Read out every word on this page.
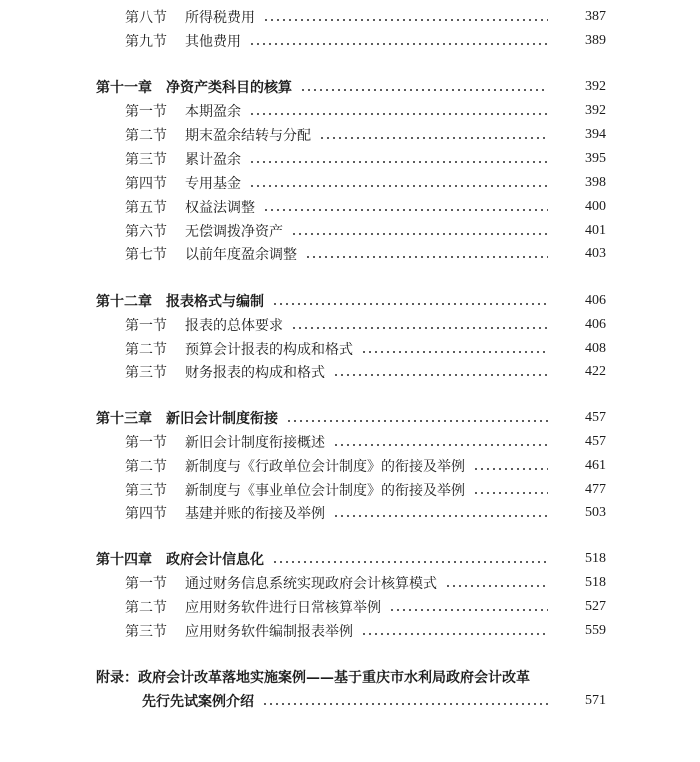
第八节	所得税费用	387
第九节	其他费用	389
第十一章 净资产类科目的核算	392
第一节	本期盈余	392
第二节	期末盈余结转与分配	394
第三节	累计盈余	395
第四节	专用基金	398
第五节	权益法调整	400
第六节	无偿调拨净资产	401
第七节	以前年度盈余调整	403
第十二章 报表格式与编制	406
第一节	报表的总体要求	406
第二节	预算会计报表的构成和格式	408
第三节	财务报表的构成和格式	422
第十三章 新旧会计制度衔接	457
第一节	新旧会计制度衔接概述	457
第二节	新制度与《行政单位会计制度》的衔接及举例	461
第三节	新制度与《事业单位会计制度》的衔接及举例	477
第四节	基建并账的衔接及举例	503
第十四章 政府会计信息化	518
第一节	通过财务信息系统实现政府会计核算模式	518
第二节	应用财务软件进行日常核算举例	527
第三节	应用财务软件编制报表举例	559
附录：政府会计改革落地实施案例——基于重庆市水利局政府会计改革
先行先试案例介绍	571
